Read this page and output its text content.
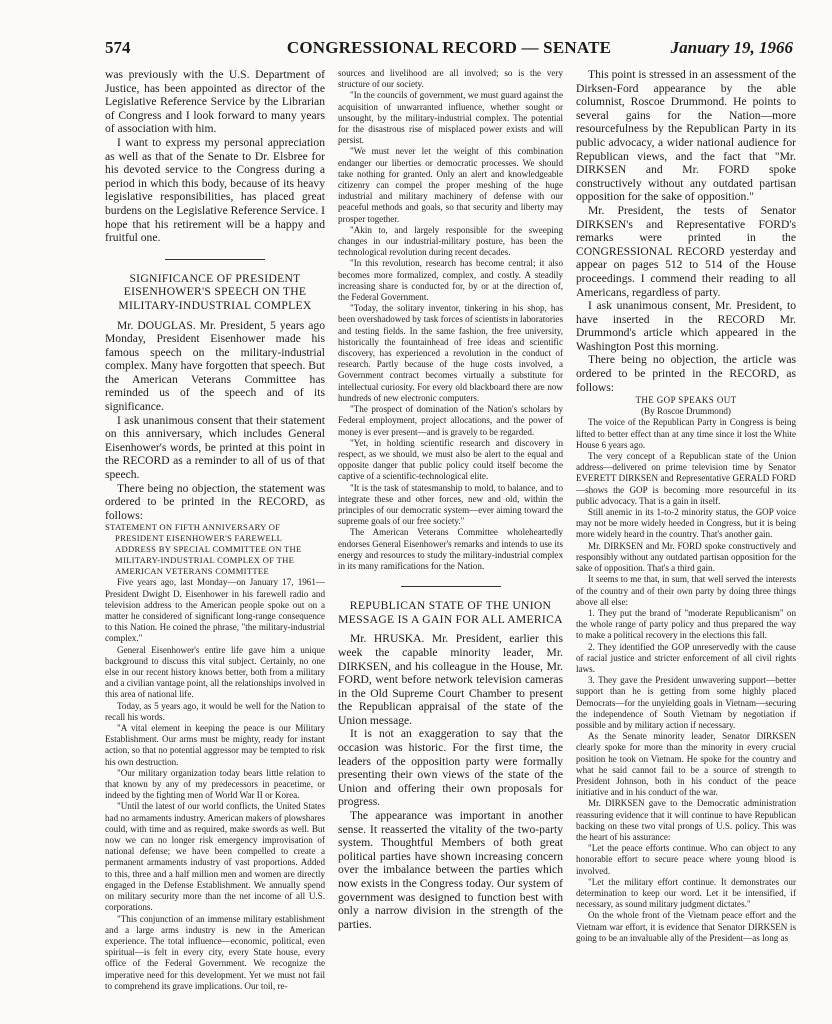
574	CONGRESSIONAL RECORD — SENATE	January 19, 1966

was previously with the U.S. Department of Justice, has been appointed as director of the Legislative Reference Service by the Librarian of Congress and I look forward to many years of association with him.

I want to express my personal appreciation as well as that of the Senate to Dr. Elsbree for his devoted service to the Congress during a period in which this body, because of its heavy legislative responsibilities, has placed great burdens on the Legislative Reference Service. I hope that his retirement will be a happy and fruitful one.

SIGNIFICANCE OF PRESIDENT EISENHOWER'S SPEECH ON THE MILITARY-INDUSTRIAL COMPLEX

Mr. DOUGLAS. Mr. President, 5 years ago Monday, President Eisenhower made his famous speech on the military-industrial complex. Many have forgotten that speech. But the American Veterans Committee has reminded us of the speech and of its significance.

I ask unanimous consent that their statement on this anniversary, which includes General Eisenhower's words, be printed at this point in the RECORD as a reminder to all of us of that speech.

There being no objection, the statement was ordered to be printed in the RECORD, as follows:

STATEMENT ON FIFTH ANNIVERSARY OF PRESIDENT EISENHOWER'S FAREWELL ADDRESS BY SPECIAL COMMITTEE ON THE MILITARY-INDUSTRIAL COMPLEX OF THE AMERICAN VETERANS COMMITTEE

Five years ago, last Monday—on January 17, 1961—President Dwight D. Eisenhower in his farewell radio and television address to the American people spoke out on a matter he considered of significant long-range consequence to this Nation. He coined the phrase, "the military-industrial complex."

General Eisenhower's entire life gave him a unique background to discuss this vital subject. Certainly, no one else in our recent history knows better, both from a military and a civilian vantage point, all the relationships involved in this area of national life.

Today, as 5 years ago, it would be well for the Nation to recall his words.

"A vital element in keeping the peace is our Military Establishment. Our arms must be mighty, ready for instant action, so that no potential aggressor may be tempted to risk his own destruction.

"Our military organization today bears little relation to that known by any of my predecessors in peacetime, or indeed by the fighting men of World War II or Korea.

"Until the latest of our world conflicts, the United States had no armaments industry. American makers of plowshares could, with time and as required, make swords as well. But now we can no longer risk emergency improvisation of national defense; we have been compelled to create a permanent armaments industry of vast proportions. Added to this, three and a half million men and women are directly engaged in the Defense Establishment. We annually spend on military security more than the net income of all U.S. corporations.

"This conjunction of an immense military establishment and a large arms industry is new in the American experience. The total influence—economic, political, even spiritual—is felt in every city, every State house, every office of the Federal Government. We recognize the imperative need for this development. Yet we must not fail to comprehend its grave implications. Our toil, re-

sources and livelihood are all involved; so is the very structure of our society.

"In the councils of government, we must guard against the acquisition of unwarranted influence, whether sought or unsought, by the military-industrial complex. The potential for the disastrous rise of misplaced power exists and will persist.

"We must never let the weight of this combination endanger our liberties or democratic processes. We should take nothing for granted. Only an alert and knowledgeable citizenry can compel the proper meshing of the huge industrial and military machinery of defense with our peaceful methods and goals, so that security and liberty may prosper together.

"Akin to, and largely responsible for the sweeping changes in our industrial-military posture, has been the technological revolution during recent decades.

"In this revolution, research has become central; it also becomes more formalized, complex, and costly. A steadily increasing share is conducted for, by or at the direction of, the Federal Government.

"Today, the solitary inventor, tinkering in his shop, has been overshadowed by task forces of scientists in laboratories and testing fields. In the same fashion, the free university, historically the fountainhead of free ideas and scientific discovery, has experienced a revolution in the conduct of research. Partly because of the huge costs involved, a Government contract becomes virtually a substitute for intellectual curiosity. For every old blackboard there are now hundreds of new electronic computers.

"The prospect of domination of the Nation's scholars by Federal employment, project allocations, and the power of money is ever present—and is gravely to be regarded.

"Yet, in holding scientific research and discovery in respect, as we should, we must also be alert to the equal and opposite danger that public policy could itself become the captive of a scientific-technological elite.

"It is the task of statesmanship to mold, to balance, and to integrate these and other forces, new and old, within the principles of our democratic system—ever aiming toward the supreme goals of our free society."

The American Veterans Committee wholeheartedly endorses General Eisenhower's remarks and intends to use its energy and resources to study the military-industrial complex in its many ramifications for the Nation.

REPUBLICAN STATE OF THE UNION MESSAGE IS A GAIN FOR ALL AMERICA

Mr. HRUSKA. Mr. President, earlier this week the capable minority leader, Mr. DIRKSEN, and his colleague in the House, Mr. FORD, went before network television cameras in the Old Supreme Court Chamber to present the Republican appraisal of the state of the Union message.

It is not an exaggeration to say that the occasion was historic. For the first time, the leaders of the opposition party were formally presenting their own views of the state of the Union and offering their own proposals for progress.

The appearance was important in another sense. It reasserted the vitality of the two-party system. Thoughtful Members of both great political parties have shown increasing concern over the imbalance between the parties which now exists in the Congress today. Our system of government was designed to function best with only a narrow division in the strength of the parties.

This point is stressed in an assessment of the Dirksen-Ford appearance by the able columnist, Roscoe Drummond. He points to several gains for the Nation—more resourcefulness by the Republican Party in its public advocacy, a wider national audience for Republican views, and the fact that "Mr. DIRKSEN and Mr. FORD spoke constructively without any outdated partisan opposition for the sake of opposition."

Mr. President, the tests of Senator DIRKSEN's and Representative FORD's remarks were printed in the CONGRESSIONAL RECORD yesterday and appear on pages 512 to 514 of the House proceedings. I commend their reading to all Americans, regardless of party.

I ask unanimous consent, Mr. President, to have inserted in the RECORD Mr. Drummond's article which appeared in the Washington Post this morning.

There being no objection, the article was ordered to be printed in the RECORD, as follows:

THE GOP SPEAKS OUT

(By Roscoe Drummond)

The voice of the Republican Party in Congress is being lifted to better effect than at any time since it lost the White House 6 years ago.

The very concept of a Republican state of the Union address—delivered on prime television time by Senator EVERETT DIRKSEN and Representative GERALD FORD—shows the GOP is becoming more resourceful in its public advocacy. That is a gain in itself.

Still anemic in its 1-to-2 minority status, the GOP voice may not be more widely heeded in Congress, but it is being more widely heard in the country. That's another gain.

Mr. DIRKSEN and Mr. FORD spoke constructively and responsibly without any outdated partisan opposition for the sake of opposition. That's a third gain.

It seems to me that, in sum, that well served the interests of the country and of their own party by doing three things above all else:

1. They put the brand of "moderate Republicanism" on the whole range of party policy and thus prepared the way to make a political recovery in the elections this fall.

2. They identified the GOP unreservedly with the cause of racial justice and stricter enforcement of all civil rights laws.

3. They gave the President unwavering support—better support than he is getting from some highly placed Democrats—for the unyielding goals in Vietnam—securing the independence of South Vietnam by negotiation if possible and by military action if necessary.

As the Senate minority leader, Senator DIRKSEN clearly spoke for more than the minority in every crucial position he took on Vietnam. He spoke for the country and what he said cannot fail to be a source of strength to President Johnson, both in his conduct of the peace initiative and in his conduct of the war.

Mr. DIRKSEN gave to the Democratic administration reassuring evidence that it will continue to have Republican backing on these two vital prongs of U.S. policy. This was the heart of his assurance:

"Let the peace efforts continue. Who can object to any honorable effort to secure peace where young blood is involved.

"Let the military effort continue. It demonstrates our determination to keep our word. Let it be intensified, if necessary, as sound military judgment dictates."

On the whole front of the Vietnam peace effort and the Vietnam war effort, it is evidence that Senator DIRKSEN is going to be an invaluable ally of the President—as long as
